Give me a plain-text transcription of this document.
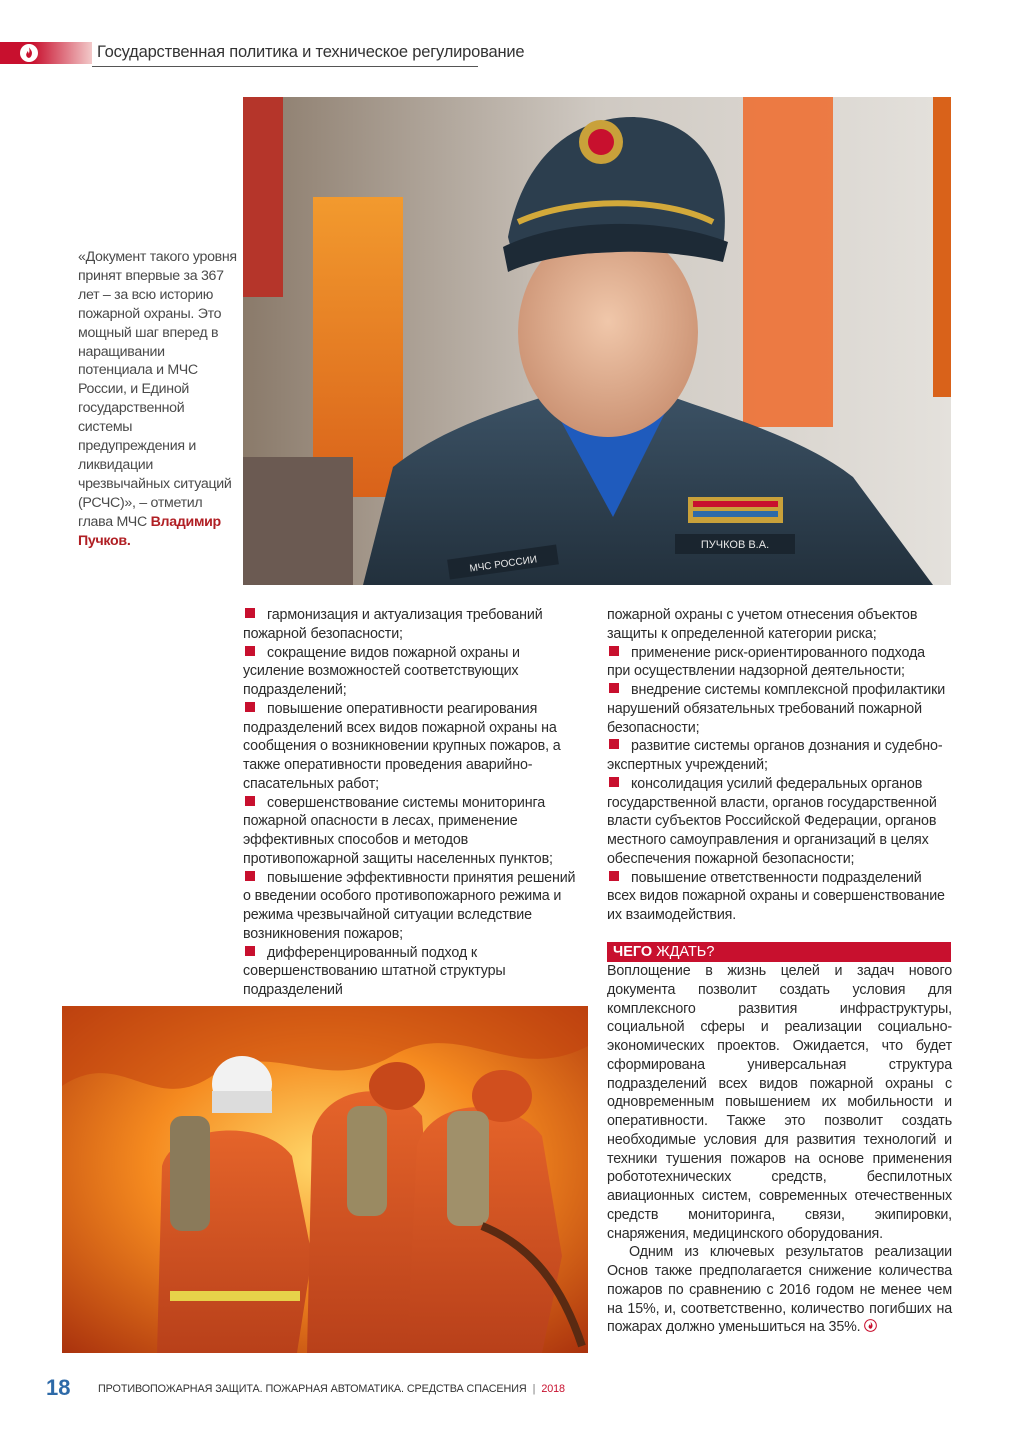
Государственная политика и техническое регулирование
ПУЧКОВ В.А.
МЧС РОССИИ
«Документ такого уровня принят впервые за 367 лет – за всю историю пожарной охраны. Это мощный шаг вперед в наращивании потенциала и МЧС России, и Единой государственной системы предупреждения и ликвидации чрезвычайных ситуаций (РСЧС)», – отметил глава МЧС Владимир Пучков.

гармонизация и актуализация требований пожарной безопасности;

сокращение видов пожарной охраны и усиление возможностей соответствующих подразделений;

повышение оперативности реагирования подразделений всех видов пожарной охраны на сообщения о возникновении крупных пожаров, а также оперативности проведения аварийно-спасательных работ;

совершенствование системы мониторинга пожарной опасности в лесах, применение эффективных способов и методов противопожарной защиты населенных пунктов;

повышение эффективности принятия решений о введении особого противопожарного режима и режима чрезвычайной ситуации вследствие возникновения пожаров;

дифференцированный подход к совершенствованию штатной структуры подразделений

пожарной охраны с учетом отнесения объектов защиты к определенной категории риска;

применение риск-ориентированного подхода при осуществлении надзорной деятельности;

внедрение системы комплексной профилактики нарушений обязательных требований пожарной безопасности;

развитие системы органов дознания и судебно-экспертных учреждений;

консолидация усилий федеральных органов государственной власти, органов государственной власти субъектов Российской Федерации, органов местного самоуправления и организаций в целях обеспечения пожарной безопасности;

повышение ответственности подразделений всех видов пожарной охраны и совершенствование их взаимодействия.

ЧЕГО ЖДАТЬ?

Воплощение в жизнь целей и задач нового документа позволит создать условия для комплексного развития инфраструктуры, социальной сферы и реализации социально-экономических проектов. Ожидается, что будет сформирована универсальная структура подразделений всех видов пожарной охраны с одновременным повышением их мобильности и оперативности. Также это позволит создать необходимые условия для развития технологий и техники тушения пожаров на основе применения робототехнических средств, беспилотных авиационных систем, современных отечественных средств мониторинга, связи, экипировки, снаряжения, медицинского оборудования.

Одним из ключевых результатов реализации Основ также предполагается снижение количества пожаров по сравнению с 2016 годом не менее чем на 15%, и, соответственно, количество погибших на пожарах должно уменьшиться на 35%.

18	ПРОТИВОПОЖАРНАЯ ЗАЩИТА. ПОЖАРНАЯ АВТОМАТИКА. СРЕДСТВА СПАСЕНИЯ | 2018
